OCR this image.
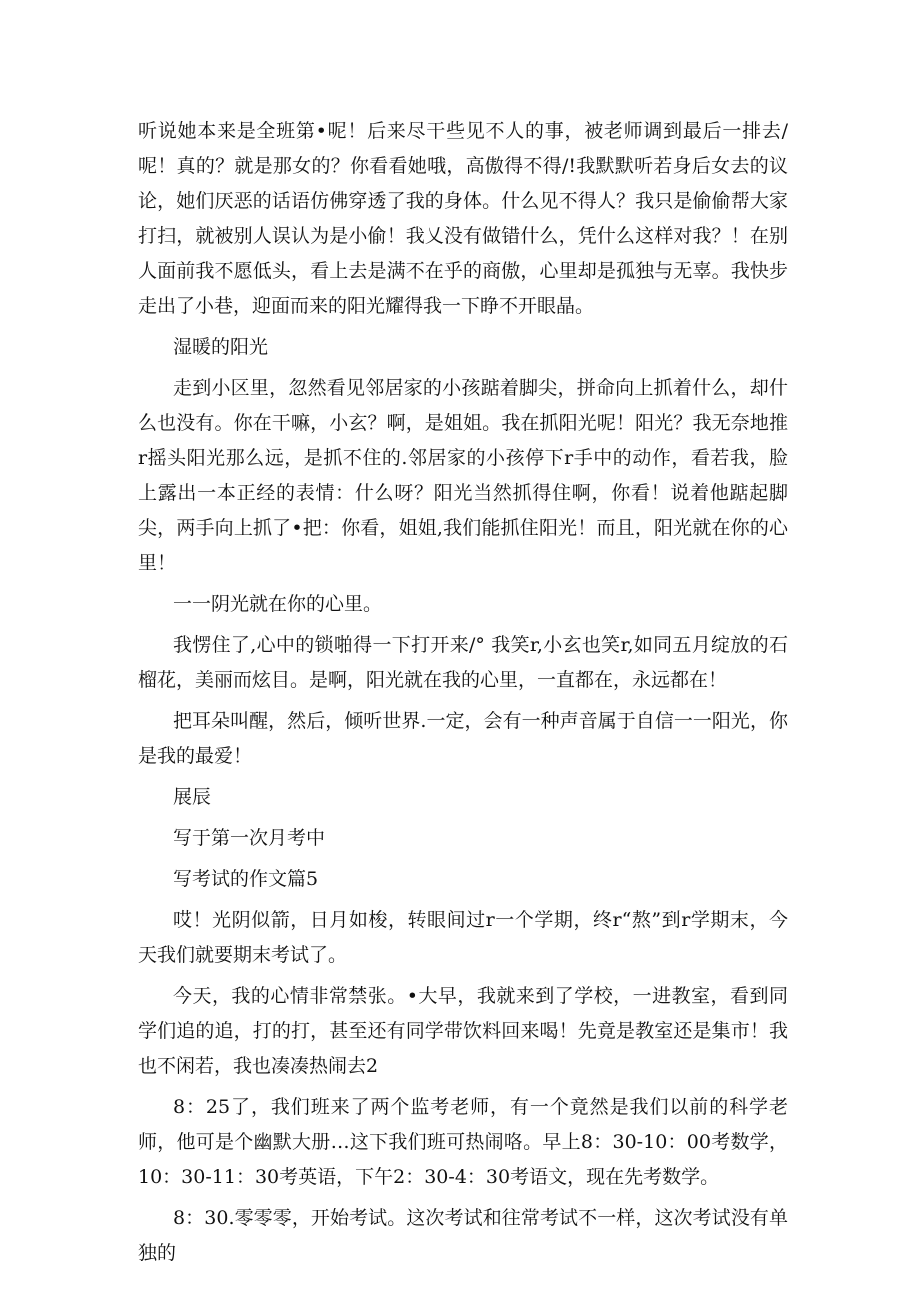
听说她本来是全班第•呢！后来尽干些见不人的事，被老师调到最后一排去/呢！真的？就是那女的？你看看她哦，高傲得不得/!我默默听若身后女去的议论，她们厌恶的话语仿佛穿透了我的身体。什么见不得人？我只是偷偷帮大家打扫，就被别人误认为是小偷！我乂没有做错什么，凭什么这样对我？！在别人面前我不愿低头，看上去是满不在乎的商傲，心里却是孤独与无辜。我快步走出了小巷，迎面而来的阳光耀得我一下睁不开眼晶。

湿暖的阳光

走到小区里，忽然看见邻居家的小孩踮着脚尖，拼命向上抓着什么，却什么也没有。你在干嘛，小玄？啊，是姐姐。我在抓阳光呢！阳光？我无奈地推r摇头阳光那么远，是抓不住的.邻居家的小孩停下r手中的动作，看若我，脸上露出一本正经的表情：什么呀？阳光当然抓得住啊，你看！说着他踮起脚尖，两手向上抓了•把：你看，姐姐,我们能抓住阳光！而且，阳光就在你的心里！

一一阴光就在你的心里。

我愣住了,心中的锁啪得一下打开来/° 我笑r,小玄也笑r,如同五月绽放的石榴花，美丽而炫目。是啊，阳光就在我的心里，一直都在，永远都在！

把耳朵叫醒，然后，倾听世界.一定，会有一种声音属于自信一一阳光，你是我的最爱！

展辰

写于第一次月考中

写考试的作文篇5

哎！光阴似箭，日月如梭，转眼间过r一个学期，终r“熬”到r学期末，今天我们就要期末考试了。

今天，我的心情非常禁张。•大早，我就来到了学校，一进教室，看到同学们追的追，打的打，甚至还有同学带饮料回来喝！先竟是教室还是集市！我也不闲若，我也凑凑热闹去2

8：25了，我们班来了两个监考老师，有一个竟然是我们以前的科学老师，他可是个幽默大册…这下我们班可热闹咯。早上8：30-10：00考数学，10：30-11：30考英语，下午2：30-4：30考语文，现在先考数学。

8：30.零零零，开始考试。这次考试和往常考试不一样，这次考试没有单独的
